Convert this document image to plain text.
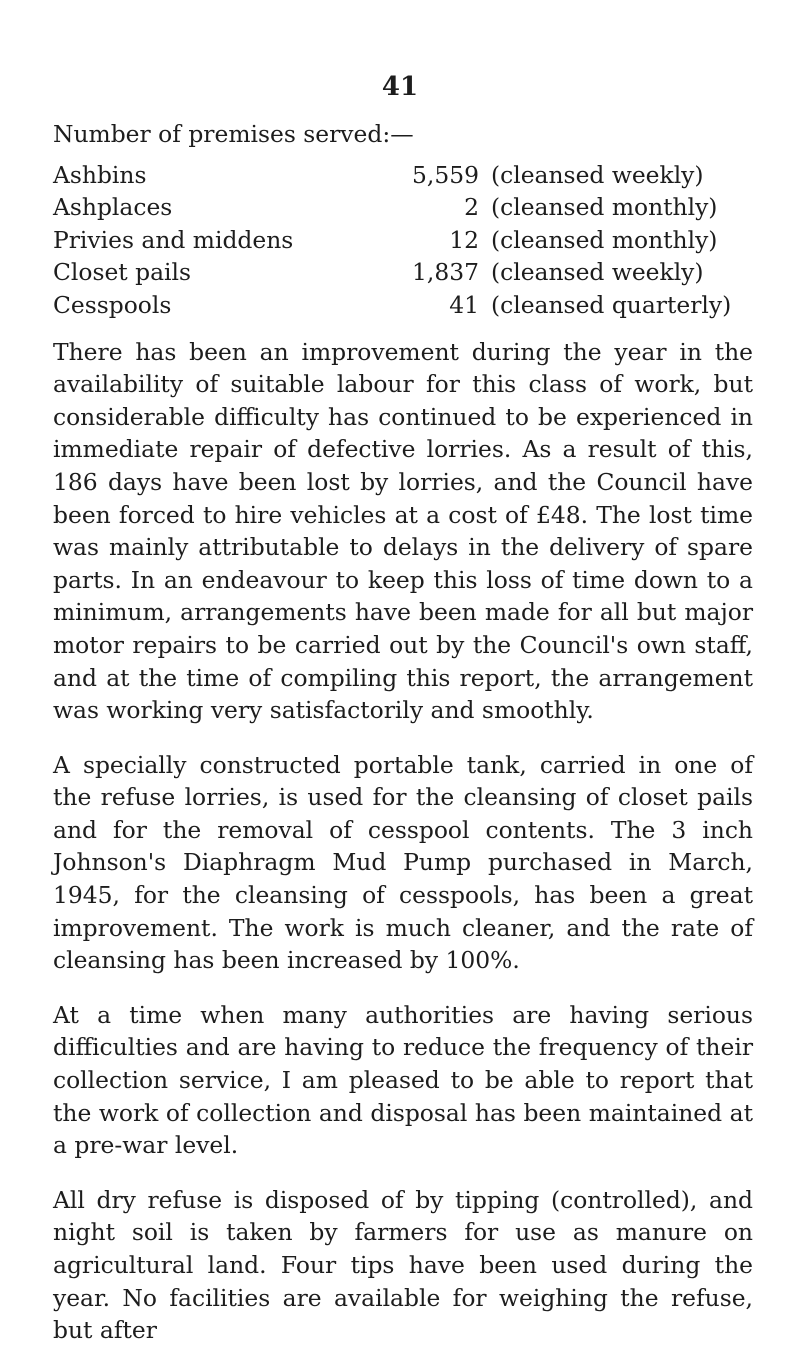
41
Number of premises served:—
Ashbins	5,559	(cleansed weekly)
Ashplaces	2	(cleansed monthly)
Privies and middens	12	(cleansed monthly)
Closet pails	1,837	(cleansed weekly)
Cesspools	41	(cleansed quarterly)

There has been an improvement during the year in the availability of suitable labour for this class of work, but considerable difficulty has continued to be experienced in immediate repair of defective lorries. As a result of this, 186 days have been lost by lorries, and the Council have been forced to hire vehicles at a cost of £48. The lost time was mainly attributable to delays in the delivery of spare parts. In an endeavour to keep this loss of time down to a minimum, arrangements have been made for all but major motor repairs to be carried out by the Council's own staff, and at the time of compiling this report, the arrangement was working very satisfactorily and smoothly.

A specially constructed portable tank, carried in one of the refuse lorries, is used for the cleansing of closet pails and for the removal of cesspool contents. The 3 inch Johnson's Diaphragm Mud Pump purchased in March, 1945, for the cleansing of cesspools, has been a great improvement. The work is much cleaner, and the rate of cleansing has been increased by 100%.

At a time when many authorities are having serious difficulties and are having to reduce the frequency of their collection service, I am pleased to be able to report that the work of collection and disposal has been maintained at a pre-war level.

All dry refuse is disposed of by tipping (controlled), and night soil is taken by farmers for use as manure on agricultural land. Four tips have been used during the year. No facilities are available for weighing the refuse, but after
